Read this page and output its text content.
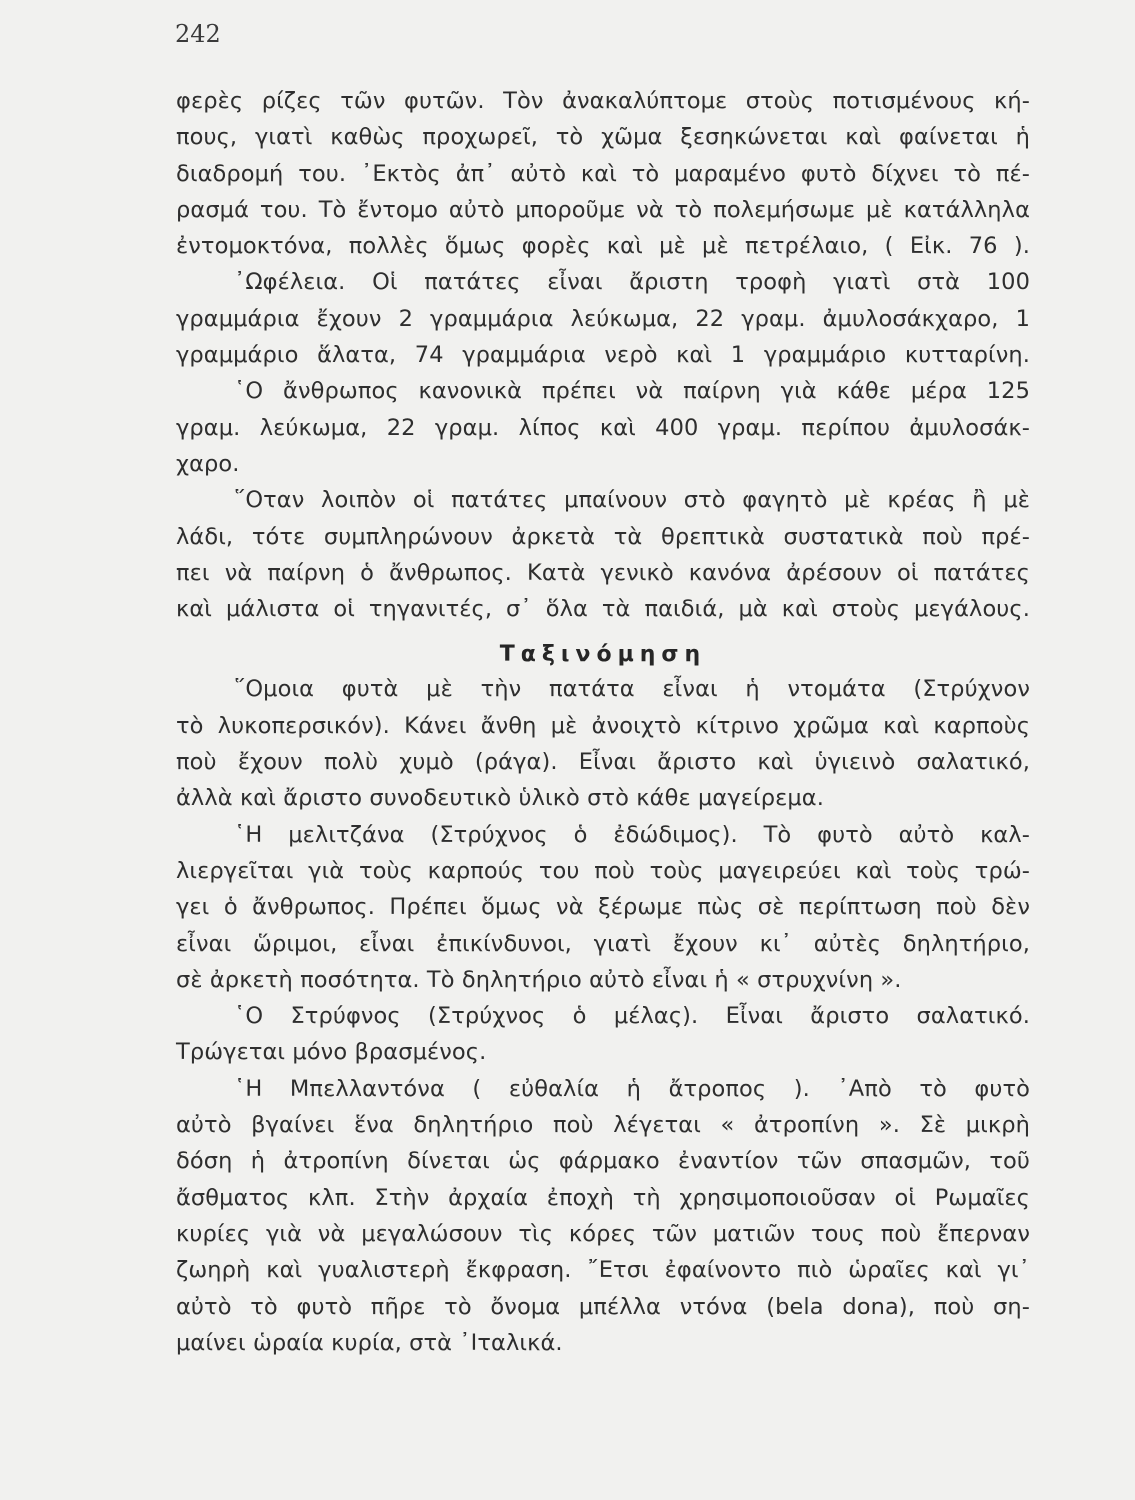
242
φερὲς ρίζες τῶν φυτῶν. Τὸν ἀνακαλύπτομε στοὺς ποτισμένους κή-
πους, γιατὶ καθὼς προχωρεῖ, τὸ χῶμα ξεσηκώνεται καὶ φαίνεται ἡ
διαδρομή του. ᾿Εκτὸς ἀπ᾿ αὐτὸ καὶ τὸ μαραμένο φυτὸ δίχνει τὸ πέ-
ρασμά του. Τὸ ἔντομο αὐτὸ μποροῦμε νὰ τὸ πολεμήσωμε μὲ κατάλληλα
ἐντομοκτόνα, πολλὲς ὅμως φορὲς καὶ μὲ μὲ πετρέλαιο, ( Εἰκ. 76 ).
᾿Ωφέλεια. Οἱ πατάτες εἶναι ἄριστη τροφὴ γιατὶ στὰ 100
γραμμάρια ἔχουν 2 γραμμάρια λεύκωμα, 22 γραμ. ἀμυλοσάκχαρο, 1
γραμμάριο ἅλατα, 74 γραμμάρια νερὸ καὶ 1 γραμμάριο κυτταρίνη.
῾Ο ἄνθρωπος κανονικὰ πρέπει νὰ παίρνη γιὰ κάθε μέρα 125
γραμ. λεύκωμα, 22 γραμ. λίπος καὶ 400 γραμ. περίπου ἀμυλοσάκ-
χαρο.
῞Οταν λοιπὸν οἱ πατάτες μπαίνουν στὸ φαγητὸ μὲ κρέας ἢ μὲ
λάδι, τότε συμπληρώνουν ἀρκετὰ τὰ θρεπτικὰ συστατικὰ ποὺ πρέ-
πει νὰ παίρνη ὁ ἄνθρωπος. Κατὰ γενικὸ κανόνα ἀρέσουν οἱ πατάτες
καὶ μάλιστα οἱ τηγανιτές, σ᾿ ὅλα τὰ παιδιά, μὰ καὶ στοὺς μεγάλους.
Ταξινόμηση
῞Ομοια φυτὰ μὲ τὴν πατάτα εἶναι ἡ ντομάτα (Στρύχνον
τὸ λυκοπερσικόν). Κάνει ἄνθη μὲ ἀνοιχτὸ κίτρινο χρῶμα καὶ καρποὺς
ποὺ ἔχουν πολὺ χυμὸ (ράγα). Εἶναι ἄριστο καὶ ὑγιεινὸ σαλατικό,
ἀλλὰ καὶ ἄριστο συνοδευτικὸ ὑλικὸ στὸ κάθε μαγείρεμα.
῾Η μελιτζάνα (Στρύχνος ὁ ἐδώδιμος). Τὸ φυτὸ αὐτὸ καλ-
λιεργεῖται γιὰ τοὺς καρπούς του ποὺ τοὺς μαγειρεύει καὶ τοὺς τρώ-
γει ὁ ἄνθρωπος. Πρέπει ὅμως νὰ ξέρωμε πὼς σὲ περίπτωση ποὺ δὲν
εἶναι ὥριμοι, εἶναι ἐπικίνδυνοι, γιατὶ ἔχουν κι᾿ αὐτὲς δηλητήριο,
σὲ ἀρκετὴ ποσότητα. Τὸ δηλητήριο αὐτὸ εἶναι ἡ « στρυχνίνη ».
῾Ο Στρύφνος (Στρύχνος ὁ μέλας). Εἶναι ἄριστο σαλατικό.
Τρώγεται μόνο βρασμένος.
῾Η Μπελλαντόνα ( εὐθαλία ἡ ἄτροπος ). ᾿Απὸ τὸ φυτὸ
αὐτὸ βγαίνει ἕνα δηλητήριο ποὺ λέγεται « ἀτροπίνη ». Σὲ μικρὴ
δόση ἡ ἀτροπίνη δίνεται ὡς φάρμακο ἐναντίον τῶν σπασμῶν, τοῦ
ἄσθματος κλπ. Στὴν ἀρχαία ἐποχὴ τὴ χρησιμοποιοῦσαν οἱ Ρωμαῖες
κυρίες γιὰ νὰ μεγαλώσουν τὶς κόρες τῶν ματιῶν τους ποὺ ἔπερναν
ζωηρὴ καὶ γυαλιστερὴ ἔκφραση. ῎Ετσι ἐφαίνοντο πιὸ ὡραῖες καὶ γι᾿
αὐτὸ τὸ φυτὸ πῆρε τὸ ὄνομα μπέλλα ντόνα (bela dona), ποὺ ση-
μαίνει ὡραία κυρία, στὰ ᾿Ιταλικά.
